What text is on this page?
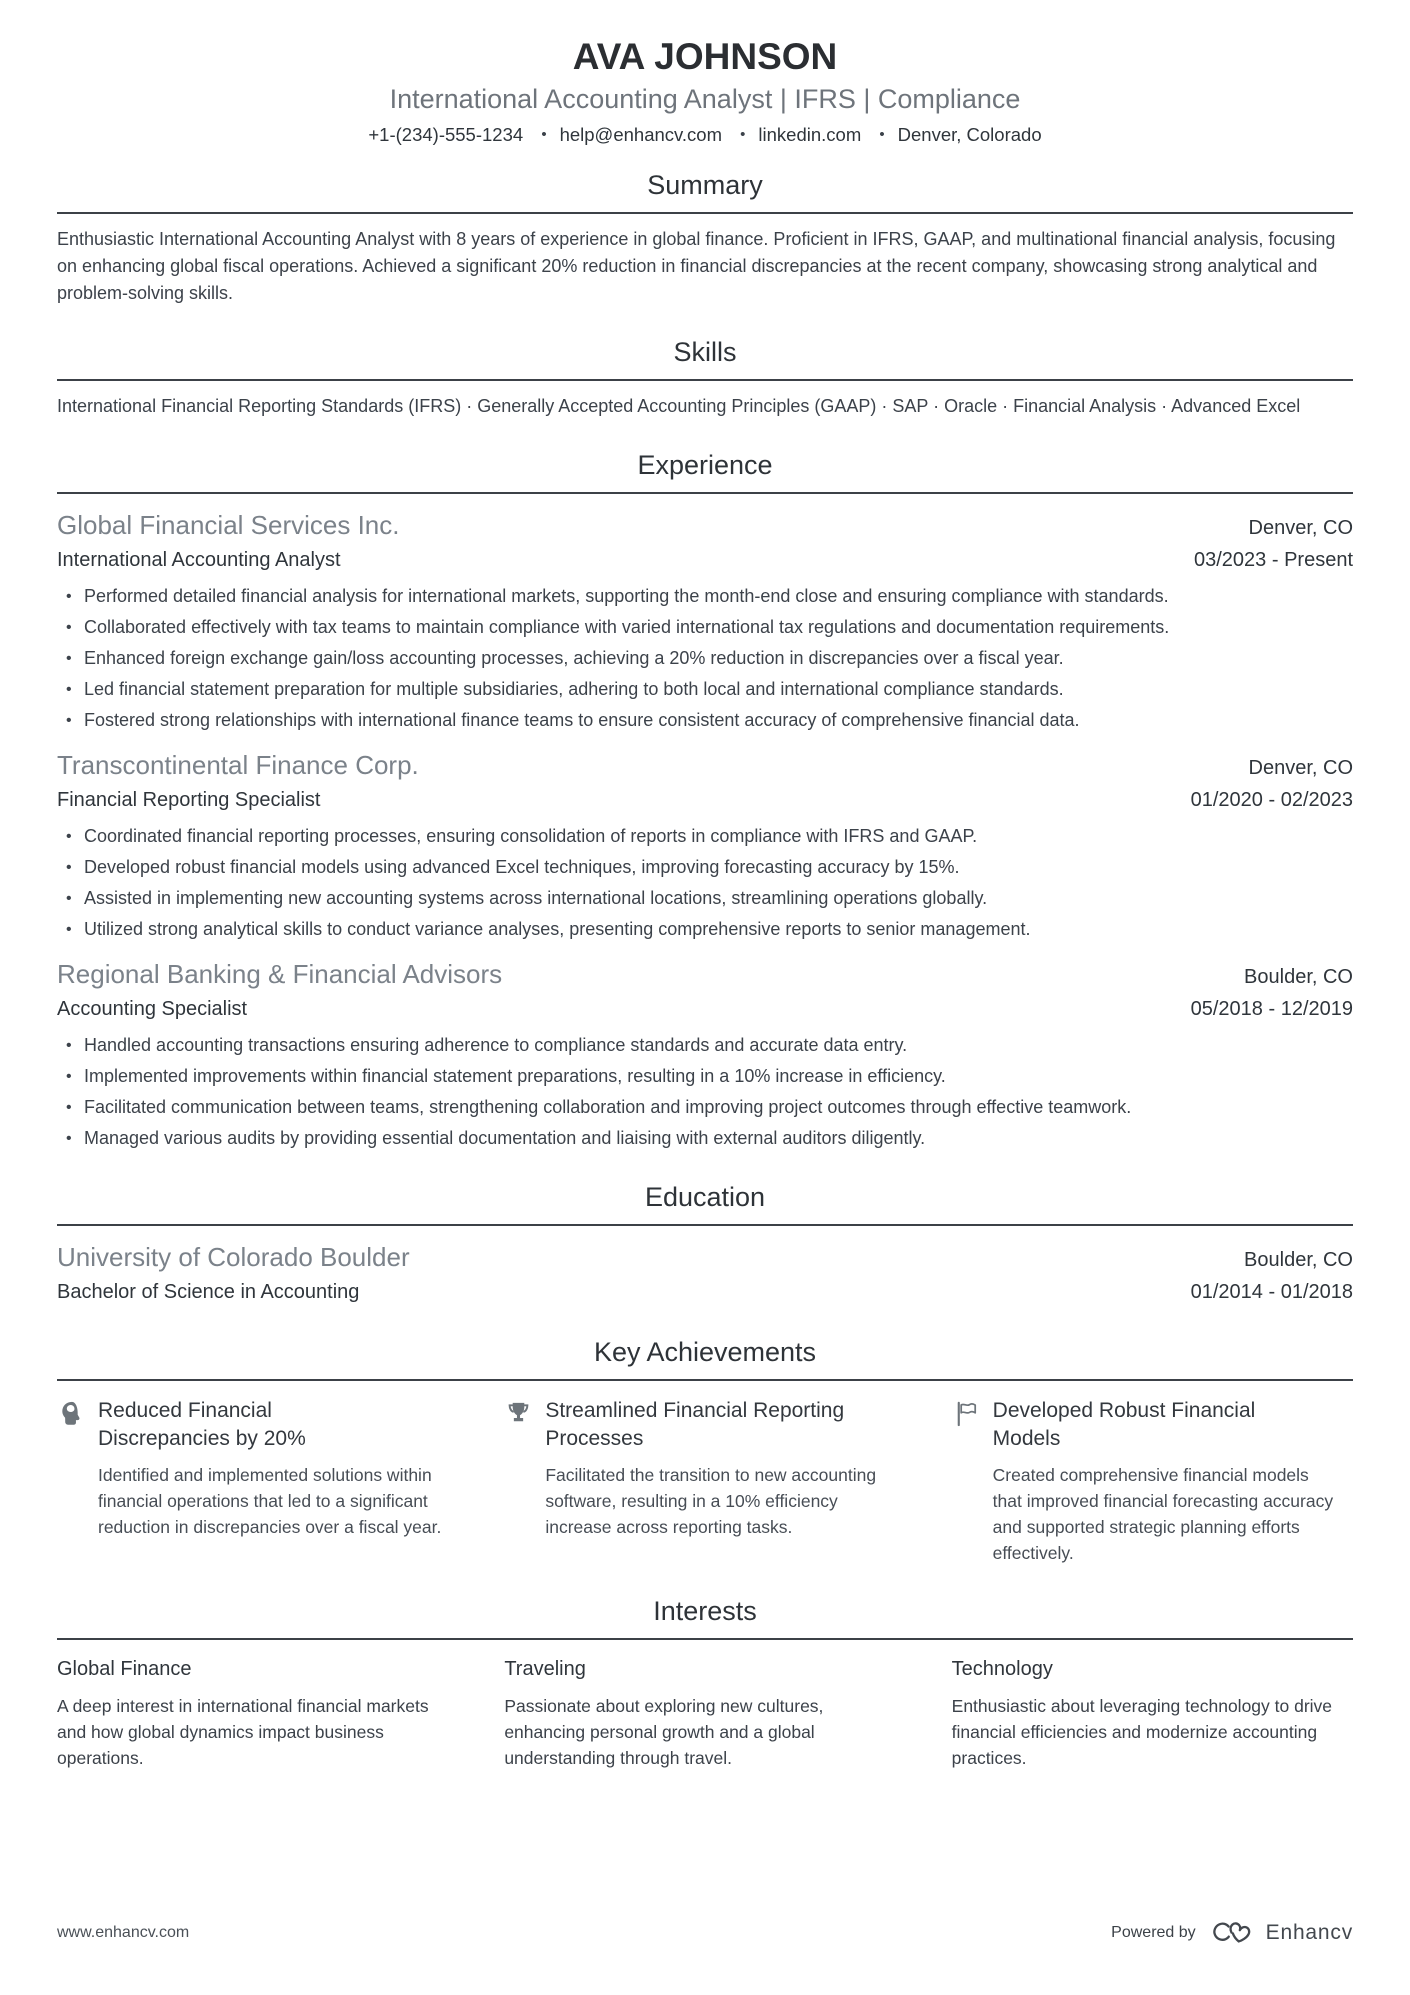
AVA JOHNSON
International Accounting Analyst | IFRS | Compliance
+1-(234)-555-1234 • help@enhancv.com • linkedin.com • Denver, Colorado
Summary
Enthusiastic International Accounting Analyst with 8 years of experience in global finance. Proficient in IFRS, GAAP, and multinational financial analysis, focusing on enhancing global fiscal operations. Achieved a significant 20% reduction in financial discrepancies at the recent company, showcasing strong analytical and problem-solving skills.
Skills
International Financial Reporting Standards (IFRS) · Generally Accepted Accounting Principles (GAAP) · SAP · Oracle · Financial Analysis · Advanced Excel
Experience
Global Financial Services Inc.	Denver, CO
International Accounting Analyst	03/2023 - Present
• Performed detailed financial analysis for international markets, supporting the month-end close and ensuring compliance with standards.
• Collaborated effectively with tax teams to maintain compliance with varied international tax regulations and documentation requirements.
• Enhanced foreign exchange gain/loss accounting processes, achieving a 20% reduction in discrepancies over a fiscal year.
• Led financial statement preparation for multiple subsidiaries, adhering to both local and international compliance standards.
• Fostered strong relationships with international finance teams to ensure consistent accuracy of comprehensive financial data.
Transcontinental Finance Corp.	Denver, CO
Financial Reporting Specialist	01/2020 - 02/2023
• Coordinated financial reporting processes, ensuring consolidation of reports in compliance with IFRS and GAAP.
• Developed robust financial models using advanced Excel techniques, improving forecasting accuracy by 15%.
• Assisted in implementing new accounting systems across international locations, streamlining operations globally.
• Utilized strong analytical skills to conduct variance analyses, presenting comprehensive reports to senior management.
Regional Banking & Financial Advisors	Boulder, CO
Accounting Specialist	05/2018 - 12/2019
• Handled accounting transactions ensuring adherence to compliance standards and accurate data entry.
• Implemented improvements within financial statement preparations, resulting in a 10% increase in efficiency.
• Facilitated communication between teams, strengthening collaboration and improving project outcomes through effective teamwork.
• Managed various audits by providing essential documentation and liaising with external auditors diligently.
Education
University of Colorado Boulder	Boulder, CO
Bachelor of Science in Accounting	01/2014 - 01/2018
Key Achievements
Reduced Financial Discrepancies by 20%
Identified and implemented solutions within financial operations that led to a significant reduction in discrepancies over a fiscal year.
Streamlined Financial Reporting Processes
Facilitated the transition to new accounting software, resulting in a 10% efficiency increase across reporting tasks.
Developed Robust Financial Models
Created comprehensive financial models that improved financial forecasting accuracy and supported strategic planning efforts effectively.
Interests
Global Finance
A deep interest in international financial markets and how global dynamics impact business operations.
Traveling
Passionate about exploring new cultures, enhancing personal growth and a global understanding through travel.
Technology
Enthusiastic about leveraging technology to drive financial efficiencies and modernize accounting practices.
www.enhancv.com	Powered by	Enhancv
